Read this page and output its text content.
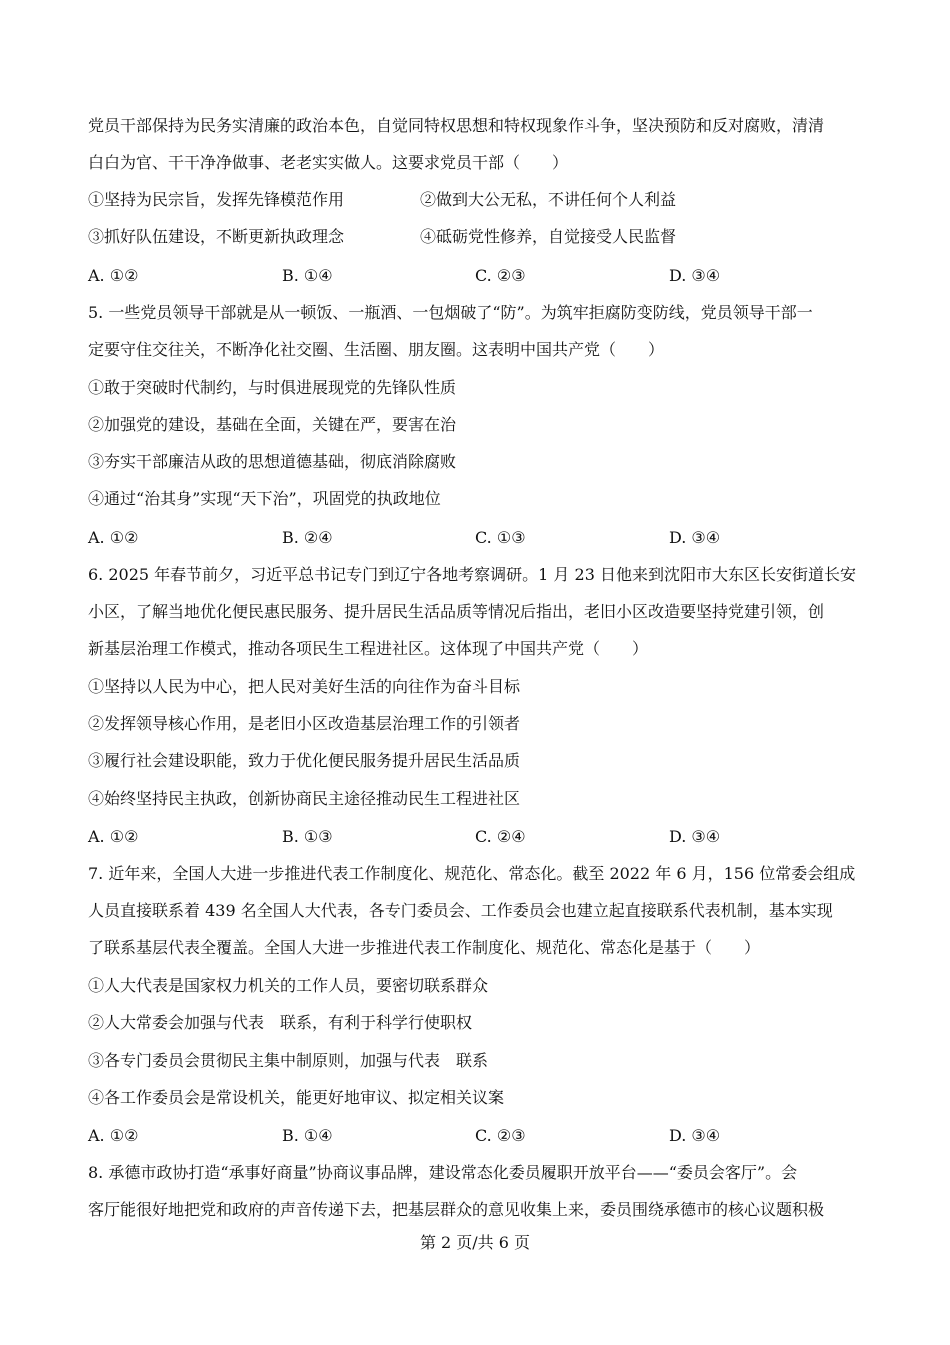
党员干部保持为民务实清廉的政治本色，自觉同特权思想和特权现象作斗争，坚决预防和反对腐败，清清
白白为官、干干净净做事、老老实实做人。这要求党员干部（　　）
①坚持为民宗旨，发挥先锋模范作用	②做到大公无私，不讲任何个人利益
③抓好队伍建设，不断更新执政理念	④砥砺党性修养，自觉接受人民监督
A. ①②	B. ①④	C. ②③	D. ③④
5. 一些党员领导干部就是从一顿饭、一瓶酒、一包烟破了“防”。为筑牢拒腐防变防线，党员领导干部一
定要守住交往关，不断净化社交圈、生活圈、朋友圈。这表明中国共产党（　　）
①敢于突破时代制约，与时俱进展现党的先锋队性质
②加强党的建设，基础在全面，关键在严，要害在治
③夯实干部廉洁从政的思想道德基础，彻底消除腐败
④通过“治其身”实现“天下治”，巩固党的执政地位
A. ①②	B. ②④	C. ①③	D. ③④
6. 2025 年春节前夕，习近平总书记专门到辽宁各地考察调研。1 月 23 日他来到沈阳市大东区长安街道长安
小区，了解当地优化便民惠民服务、提升居民生活品质等情况后指出，老旧小区改造要坚持党建引领，创
新基层治理工作模式，推动各项民生工程进社区。这体现了中国共产党（　　）
①坚持以人民为中心，把人民对美好生活的向往作为奋斗目标
②发挥领导核心作用，是老旧小区改造基层治理工作的引领者
③履行社会建设职能，致力于优化便民服务提升居民生活品质
④始终坚持民主执政，创新协商民主途径推动民生工程进社区
A. ①②	B. ①③	C. ②④	D. ③④
7. 近年来，全国人大进一步推进代表工作制度化、规范化、常态化。截至 2022 年 6 月，156 位常委会组成
人员直接联系着 439 名全国人大代表，各专门委员会、工作委员会也建立起直接联系代表机制，基本实现
了联系基层代表全覆盖。全国人大进一步推进代表工作制度化、规范化、常态化是基于（　　）
①人大代表是国家权力机关的工作人员，要密切联系群众
②人大常委会加强与代表　联系，有利于科学行使职权
③各专门委员会贯彻民主集中制原则，加强与代表　联系
④各工作委员会是常设机关，能更好地审议、拟定相关议案
A. ①②	B. ①④	C. ②③	D. ③④
8. 承德市政协打造“承事好商量”协商议事品牌，建设常态化委员履职开放平台——“委员会客厅”。会
客厅能很好地把党和政府的声音传递下去，把基层群众的意见收集上来，委员围绕承德市的核心议题积极
第 2 页/共 6 页
